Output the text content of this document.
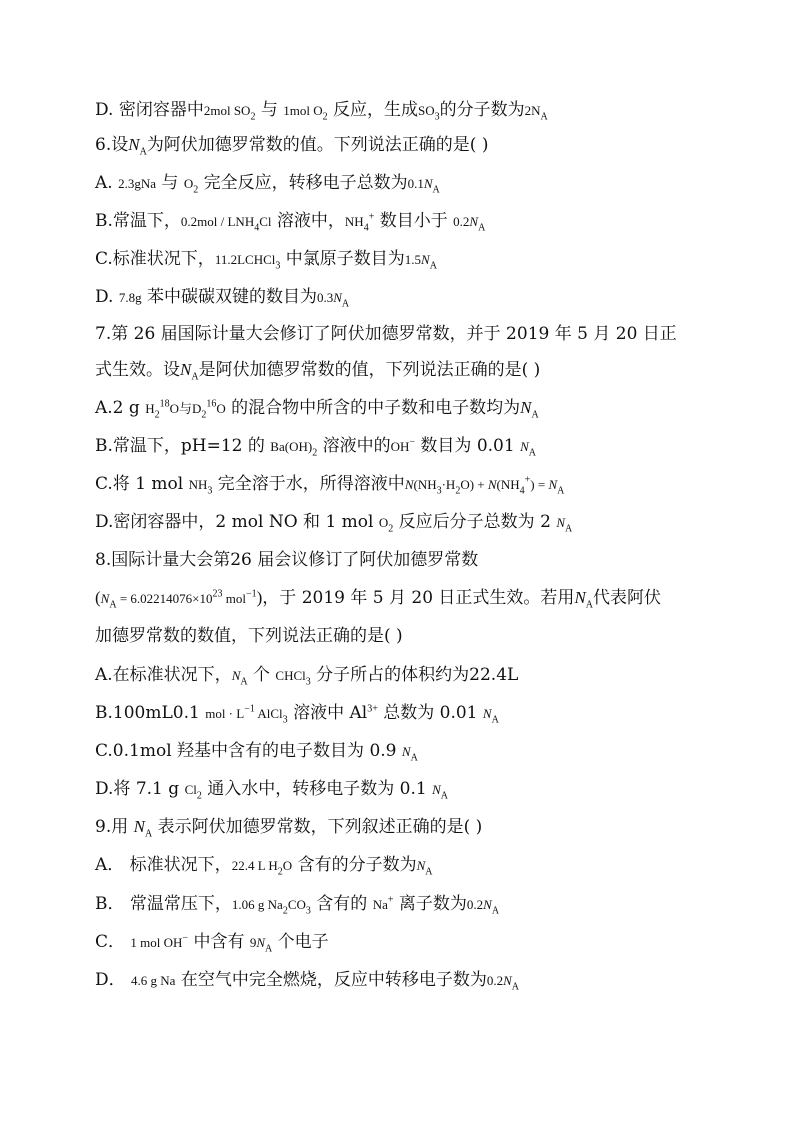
D. 密闭容器中2mol $SO_2$ 与 1mol $O_2$ 反应，生成$SO_3$的分子数为$2N_A$
6.设$N_A$为阿伏加德罗常数的值。下列说法正确的是( )
A. 2.3gNa 与 $O_2$ 完全反应，转移电子总数为$0.1N_A$
B.常温下，$0.2mol / LNH_4Cl$ 溶液中，$NH_4^+$ 数目小于 $0.2N_A$
C.标准状况下，11.2LCHCl$_3$ 中氯原子数目为$1.5N_A$
D. 7.8g 苯中碳碳双键的数目为$0.3N_A$
7.第 26 届国际计量大会修订了阿伏加德罗常数，并于 2019 年 5 月 20 日正
式生效。设$N_A$是阿伏加德罗常数的值，下列说法正确的是( )
A.2 g $H_2^{18}O$与$D_2^{16}O$ 的混合物中所含的中子数和电子数均为$N_A$
B.常温下，pH=12 的 $Ba(OH)_2$ 溶液中的OH− 数目为 0.01 $N_A$
C.将 1 mol $NH_3$ 完全溶于水，所得溶液中$N(NH_3\cdot H_2O) + N(NH_4^+) = N_A$
D.密闭容器中，2 mol NO 和 1 mol $O_2$ 反应后分子总数为 2 $N_A$
8.国际计量大会第26 届会议修订了阿伏加德罗常数
($N_A = 6.02214076\times 10^{23}$ mol$^{-1}$)，于 2019 年 5 月 20 日正式生效。若用$N_A$代表阿伏
加德罗常数的数值，下列说法正确的是( )
A.在标准状况下，$N_A$ 个 CHCl$_3$ 分子所占的体积约为22.4L
B.100mL0.1 mol · $L^{-1}$ AlCl$_3$ 溶液中 $Al^{3+}$ 总数为 0.01 $N_A$
C.0.1mol 羟基中含有的电子数目为 0.9 $N_A$
D.将 7.1 g $Cl_2$ 通入水中，转移电子数为 0.1 $N_A$
9.用 $N_A$ 表示阿伏加德罗常数，下列叙述正确的是( )
A． 标准状况下，22.4 L $H_2O$ 含有的分子数为$N_A$
B． 常温常压下，1.06 g $Na_2CO_3$ 含有的 Na+ 离子数为$0.2N_A$
C． 1 mol OH− 中含有 $9N_A$ 个电子
D． 4.6 g Na 在空气中完全燃烧，反应中转移电子数为$0.2N_A$
